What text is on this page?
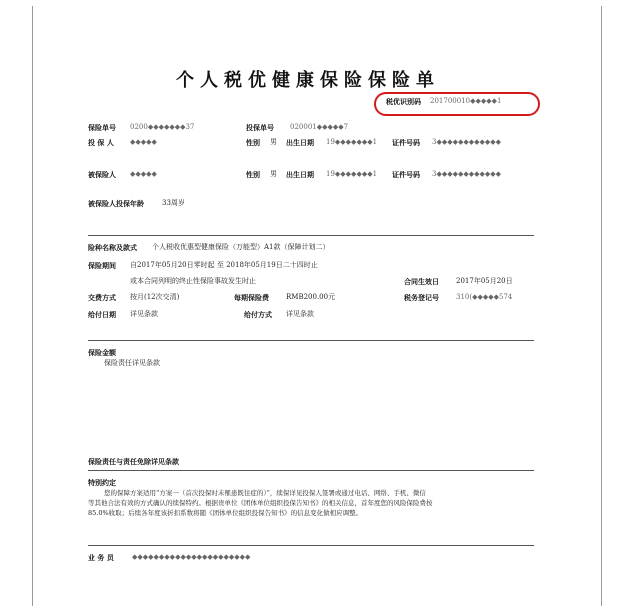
个人税优健康保险保险单
税优识别码 201700010◆◆◆◆◆1
保险单号 0200◆◆◆◆◆◆◆37	投保单号 020001◆◆◆◆◆7
投 保 人 ◆◆◆◆◆	性别 男 出生日期 19◆◆◆◆◆◆◆1 证件号码 3◆◆◆◆◆◆◆◆◆◆◆◆
被保险人 ◆◆◆◆◆	性别 男 出生日期 19◆◆◆◆◆◆◆1 证件号码 3◆◆◆◆◆◆◆◆◆◆◆◆
被保险人投保年龄	33周岁
险种名称及款式 个人税收优惠型健康保险（万能型）A1款（保障计划二）
保险期间 自2017年05月20日零时起 至 2018年05月19日二十四时止
或本合同列明的终止性保险事故发生时止	合同生效日 2017年05月20日
交费方式 按月(12次交清)	每期保险费 RMB200.00元	税务登记号 310(◆◆◆◆◆574
给付日期 详见条款	给付方式 详见条款
保险金额
保险责任详见条款
保险责任与责任免除详见条款
特别约定
您的保障方案适用“方案一（首次投保时未罹患既往症的）”，续保详见投保人签署或通过电话、网络、手机、微信
等其他合法有效的方式确认的续保特约。根据贵单位《团体单位组织投保告知书》的相关信息，首年度您的风险保险费按
85.0%收取；后续各年度该折扣系数将随《团体单位组织投保告知书》的信息变化做相应调整。
业 务 员	◆◆◆◆◆◆◆◆◆◆◆◆◆◆◆◆◆◆◆◆◆◆
